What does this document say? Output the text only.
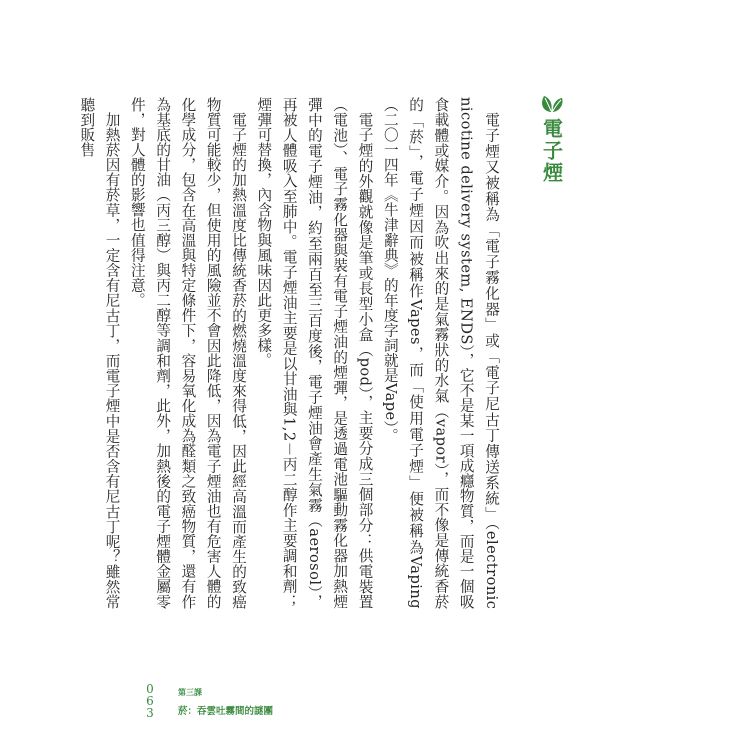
電子煙

電子煙又被稱為「電子霧化器」或「電子尼古丁傳送系統」（electronic nicotine delivery system, ENDS），它不是某一項成癮物質，而是一個吸食載體或媒介。因為吹出來的是氣霧狀的水氣（vapor），而不像是傳統香菸的「菸」，電子煙因而被稱作Vapes，而「使用電子煙」便被稱為Vaping（二〇一四年《牛津辭典》的年度字詞就是Vape）。

電子煙的外觀就像是筆或長型小盒（pod），主要分成三個部分：供電裝置（電池）、電子霧化器與裝有電子煙油的煙彈，是透過電池驅動霧化器加熱煙彈中的電子煙油，約至兩百至三百度後，電子煙油會產生氣霧（aerosol），再被人體吸入至肺中。電子煙油主要是以甘油與1,2－丙二醇作主要調和劑；煙彈可替換，內含物與風味因此更多樣。

電子煙的加熱溫度比傳統香菸的燃燒溫度來得低，因此經高溫而產生的致癌物質可能較少，但使用的風險並不會因此降低，因為電子煙油也有危害人體的化學成分，包含在高溫與特定條件下，容易氧化成為醛類之致癌物質，還有作為基底的甘油（丙三醇）與丙二醇等調和劑，此外，加熱後的電子煙體金屬零件，對人體的影響也值得注意。

加熱菸因有菸草，一定含有尼古丁，而電子煙中是否含有尼古丁呢？雖然常聽到販售

0
6
3
第三課
菸：吞雲吐霧間的謎團
